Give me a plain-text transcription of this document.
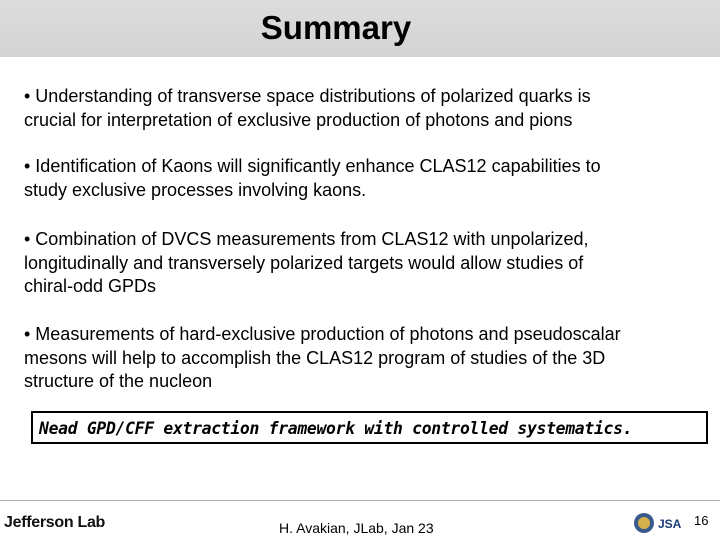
Summary
• Understanding of transverse space distributions of polarized quarks is
crucial for interpretation of exclusive production of photons and pions
• Identification of Kaons will significantly enhance CLAS12 capabilities to
study exclusive processes involving kaons.
• Combination of DVCS measurements from CLAS12 with unpolarized,
longitudinally and transversely polarized targets would allow studies of
chiral-odd GPDs
• Measurements of hard-exclusive production of photons and pseudoscalar
mesons will help to accomplish the CLAS12 program of studies of the 3D
structure of the nucleon
Nead GPD/CFF extraction framework with controlled systematics.
Jefferson Lab	H. Avakian, JLab, Jan 23	JSA 16
